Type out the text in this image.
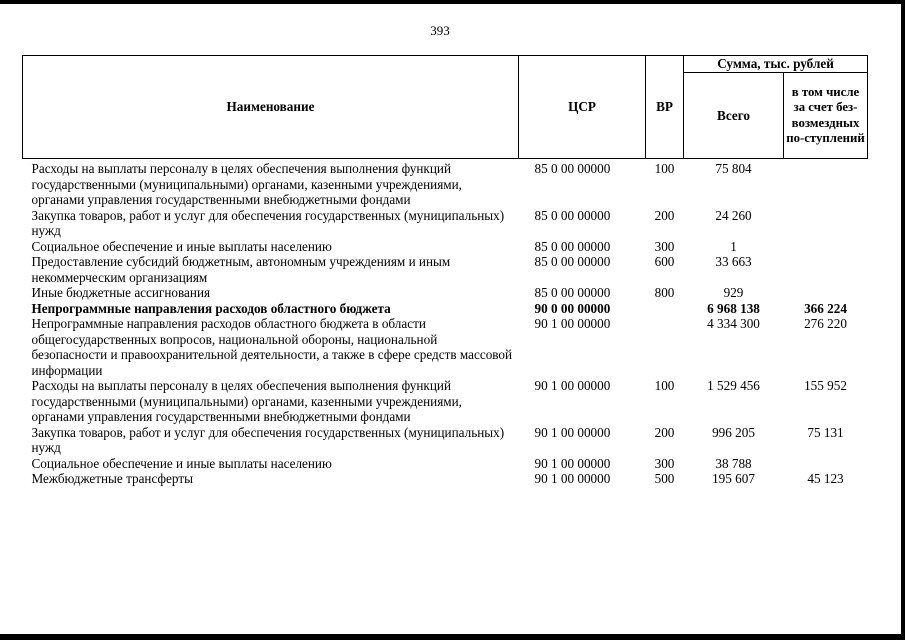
393
Наименование	ЦСР	ВР	Сумма, тыс. рублей	
			Всего	в том числе за счет без-возмездных по-ступлений
Расходы на выплаты персоналу в целях обеспечения выполнения функций государственными (муниципальными) органами, казенными учреждениями, органами управления государственными внебюджетными фондами	85 0 00 00000	100	75 804	
Закупка товаров, работ и услуг для обеспечения государственных (муниципальных) нужд	85 0 00 00000	200	24 260	
Социальное обеспечение и иные выплаты населению	85 0 00 00000	300	1	
Предоставление субсидий бюджетным, автономным учреждениям и иным некоммерческим организациям	85 0 00 00000	600	33 663	
Иные бюджетные ассигнования	85 0 00 00000	800	929	
Непрограммные направления расходов областного бюджета	90 0 00 00000		6 968 138	366 224
Непрограммные направления расходов областного бюджета в области общегосударственных вопросов, национальной обороны, национальной безопасности и правоохранительной деятельности, а также в сфере средств массовой информации	90 1 00 00000		4 334 300	276 220
Расходы на выплаты персоналу в целях обеспечения выполнения функций государственными (муниципальными) органами, казенными учреждениями, органами управления государственными внебюджетными фондами	90 1 00 00000	100	1 529 456	155 952
Закупка товаров, работ и услуг для обеспечения государственных (муниципальных) нужд	90 1 00 00000	200	996 205	75 131
Социальное обеспечение и иные выплаты населению	90 1 00 00000	300	38 788	
Межбюджетные трансферты	90 1 00 00000	500	195 607	45 123
